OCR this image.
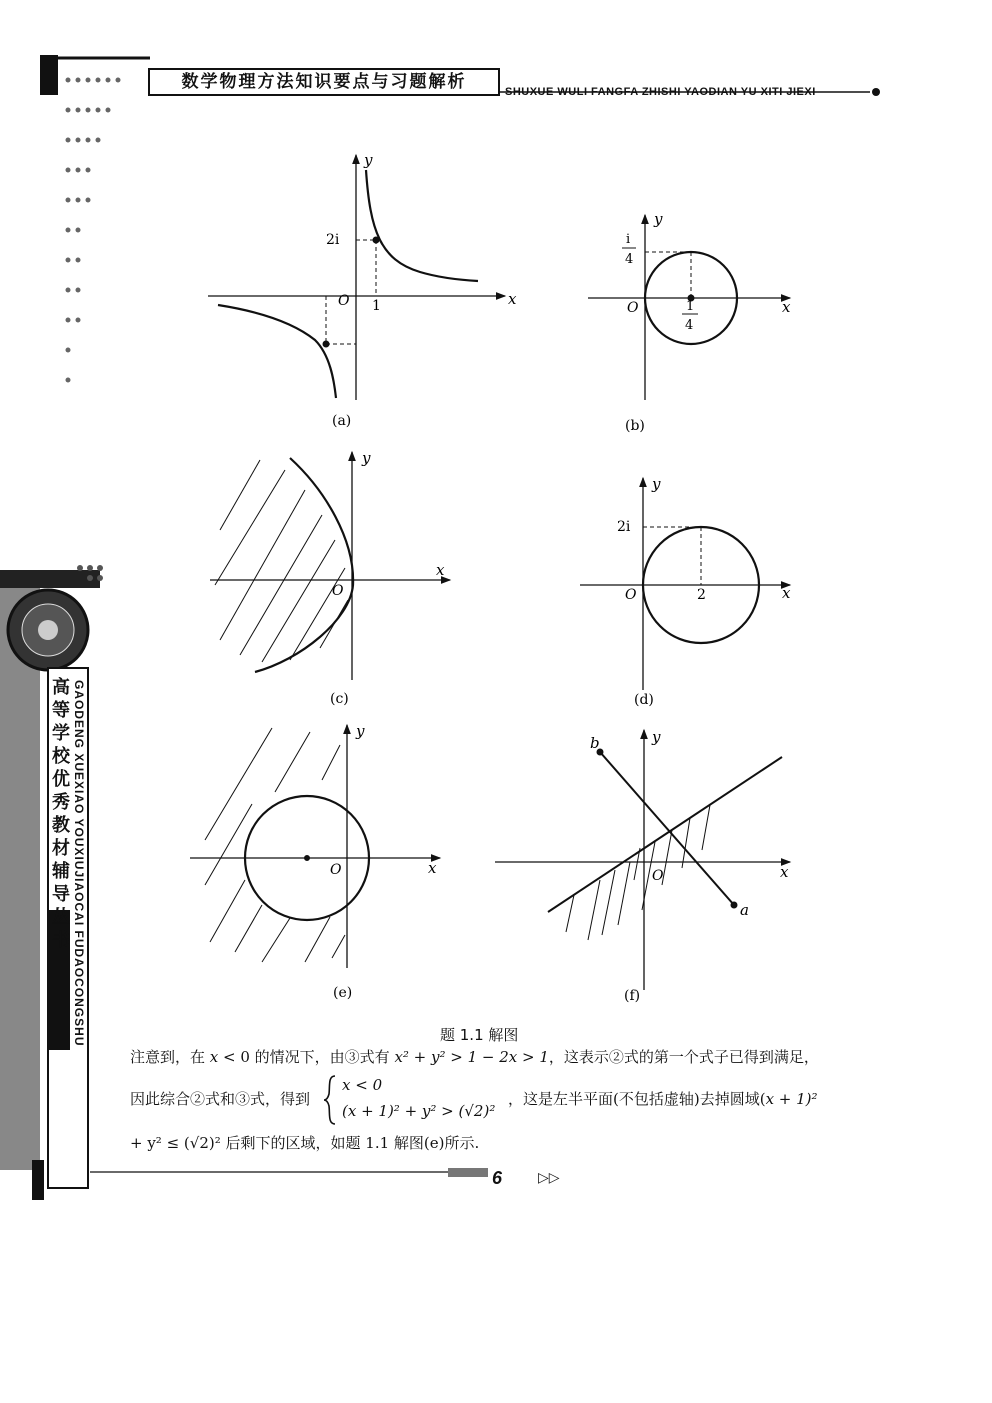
数学物理方法知识要点与习题解析	SHUXUE WULI FANGFA ZHISHI YAODIAN YU XITI JIEXI
高等学校优秀教材辅导丛书 GAODENG XUEXIAO YOUXIUJIAOCAI FUDAOCONGSHU
y
x
O 1
2i
(a)
y
x
O
i
4
1
4
(b)
y
x
O
(c)
y
x
O	2
2i
(d)
y
x
O
(e)
y
x
O
b
a
(f)
题 1.1 解图
注意到，在 x < 0 的情况下，由③式有 x² + y² > 1 − 2x > 1，这表示②式的第一个式子已得到满足，
因此综合②式和③式，得到
x < 0
(x + 1)² + y² > (√2)²
，这是左半平面(不包括虚轴)去掉圆域(x + 1)²
+ y² ≤ (√2)² 后剩下的区域，如题 1.1 解图(e)所示.
6	▷▷
